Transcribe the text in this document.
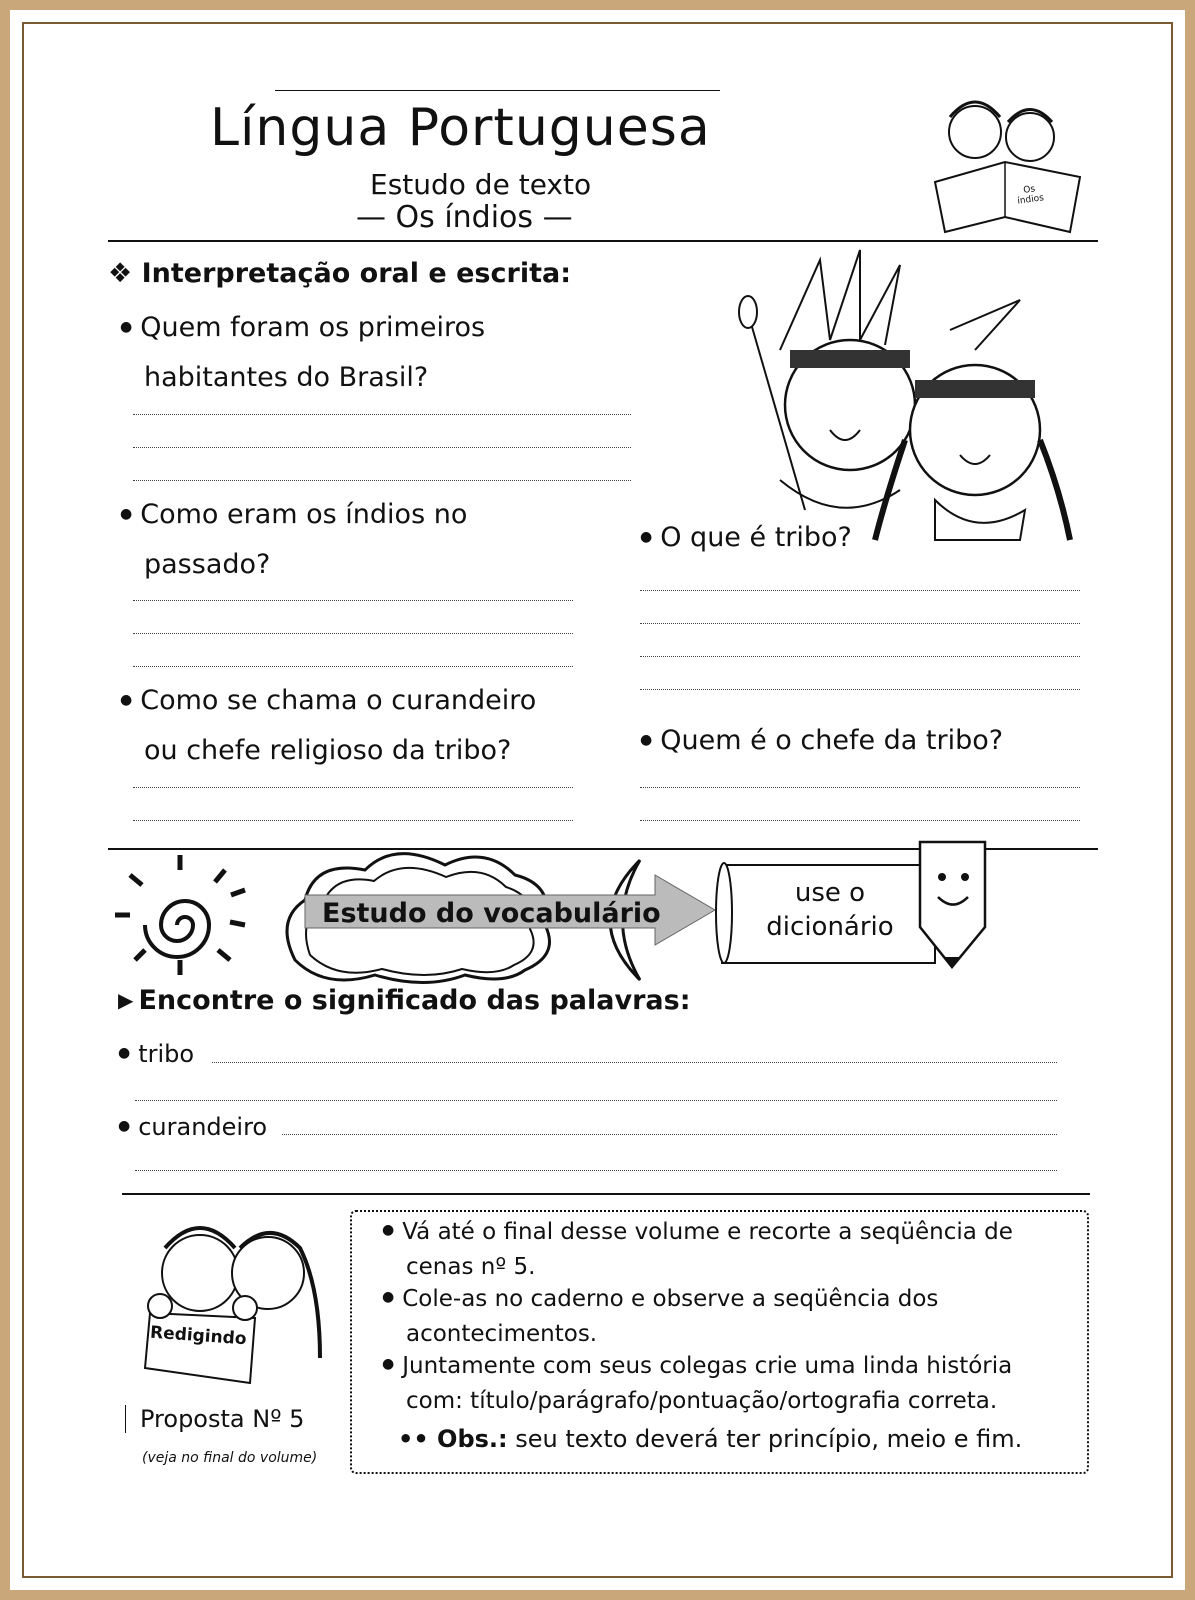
Língua Portuguesa
Estudo de texto
— Os índios —
Os índios
❖ Interpretação oral e escrita:
● Quem foram os primeiros
habitantes do Brasil?
● Como eram os índios no
passado?
● Como se chama o curandeiro
ou chefe religioso da tribo?
● O que é tribo?
● Quem é o chefe da tribo?
Estudo do vocabulário
use o
dicionário
▶ Encontre o significado das palavras:
● tribo
● curandeiro
Redigindo
Proposta Nº 5
(veja no final do volume)
● Vá até o final desse volume e recorte a seqüência de
cenas nº 5.
● Cole-as no caderno e observe a seqüência dos
acontecimentos.
● Juntamente com seus colegas crie uma linda história
com: título/parágrafo/pontuação/ortografia correta.
•• Obs.: seu texto deverá ter princípio, meio e fim.
